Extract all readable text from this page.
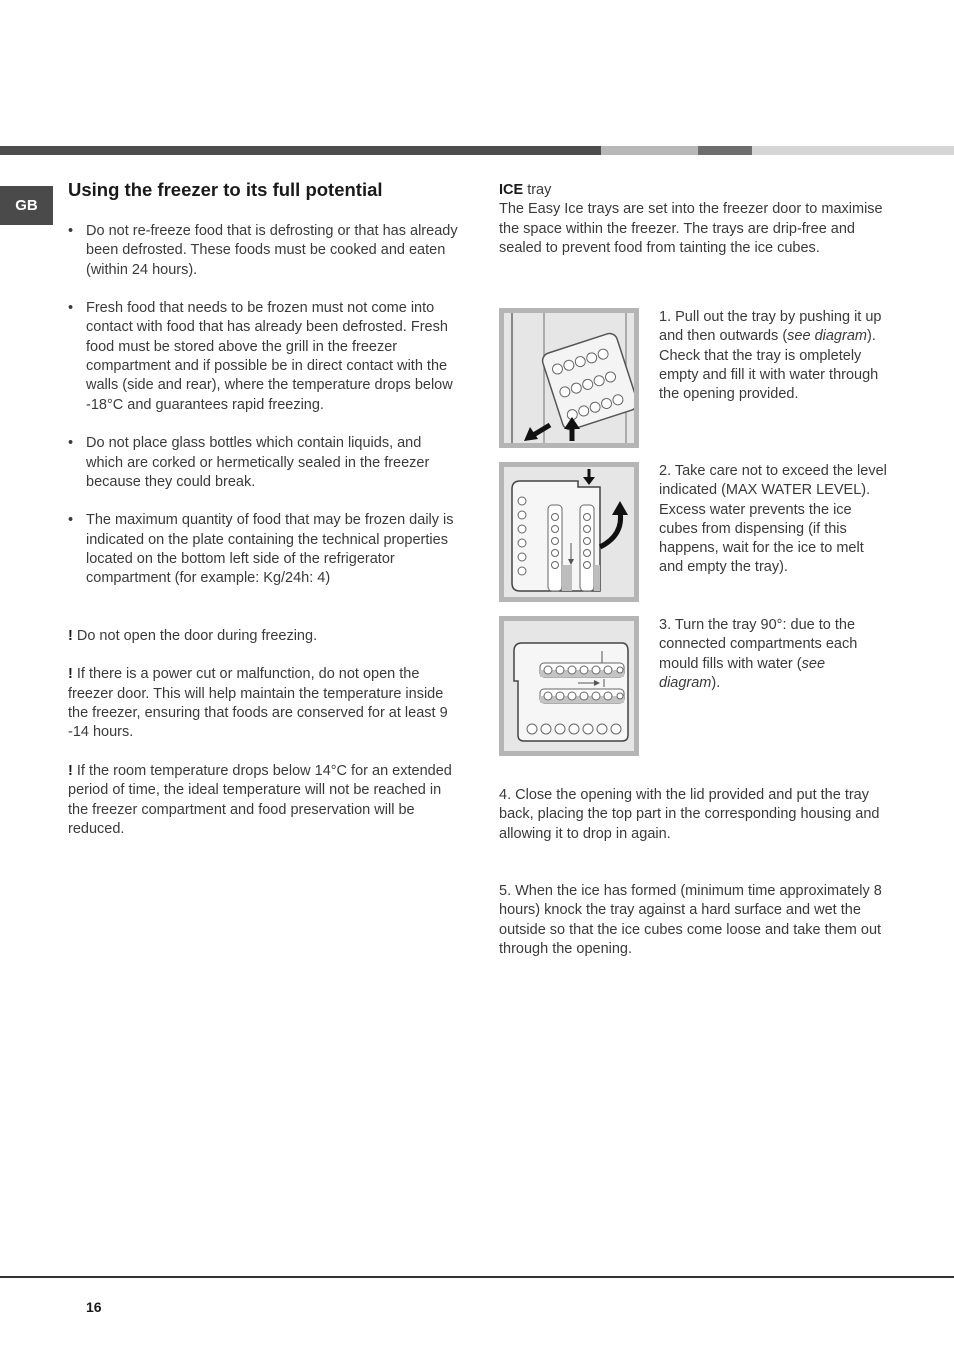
GB
Using the freezer to its full potential
• Do not re-freeze food that is defrosting or that has already been defrosted. These foods must be cooked and eaten (within 24 hours).
• Fresh food that needs to be frozen must not come into contact with food that has already been defrosted. Fresh food must be stored above the grill in the freezer compartment and if possible be in direct contact with the walls (side and rear), where the temperature drops below -18°C and guarantees rapid freezing.
• Do not place glass bottles which contain liquids, and which are corked or hermetically sealed in the freezer because they could break.
• The maximum quantity of food that may be frozen daily is indicated on the plate containing the technical properties located on the bottom left side of the refrigerator compartment (for example: Kg/24h: 4)

! Do not open the door during freezing.

! If there is a power cut or malfunction, do not open the freezer door. This will help maintain the temperature inside the freezer, ensuring that foods are conserved for at least 9 -14 hours.

! If the room temperature drops below 14°C for an extended period of time, the ideal temperature will not be reached in the freezer compartment and food preservation will be reduced.

ICE tray

The Easy Ice trays are set into the freezer door to maximise the space within the freezer. The trays are drip-free and sealed to prevent food from tainting the ice cubes.

1. Pull out the tray by pushing it up and then outwards (see diagram).
Check that the tray is ompletely empty and fill it with water through the opening provided.
2. Take care not to exceed the level indicated (MAX WATER LEVEL). Excess water prevents the ice cubes from dispensing (if this happens, wait for the ice to melt and empty the tray).
3. Turn the tray 90°: due to the connected compartments each mould fills with water (see diagram).

4. Close the opening with the lid provided and put the tray back, placing the top part in the corresponding housing and allowing it to drop in again.

5. When the ice has formed (minimum time approximately 8 hours) knock the tray against a hard surface and wet the outside so that the ice cubes come loose and take them out through the opening.

16
